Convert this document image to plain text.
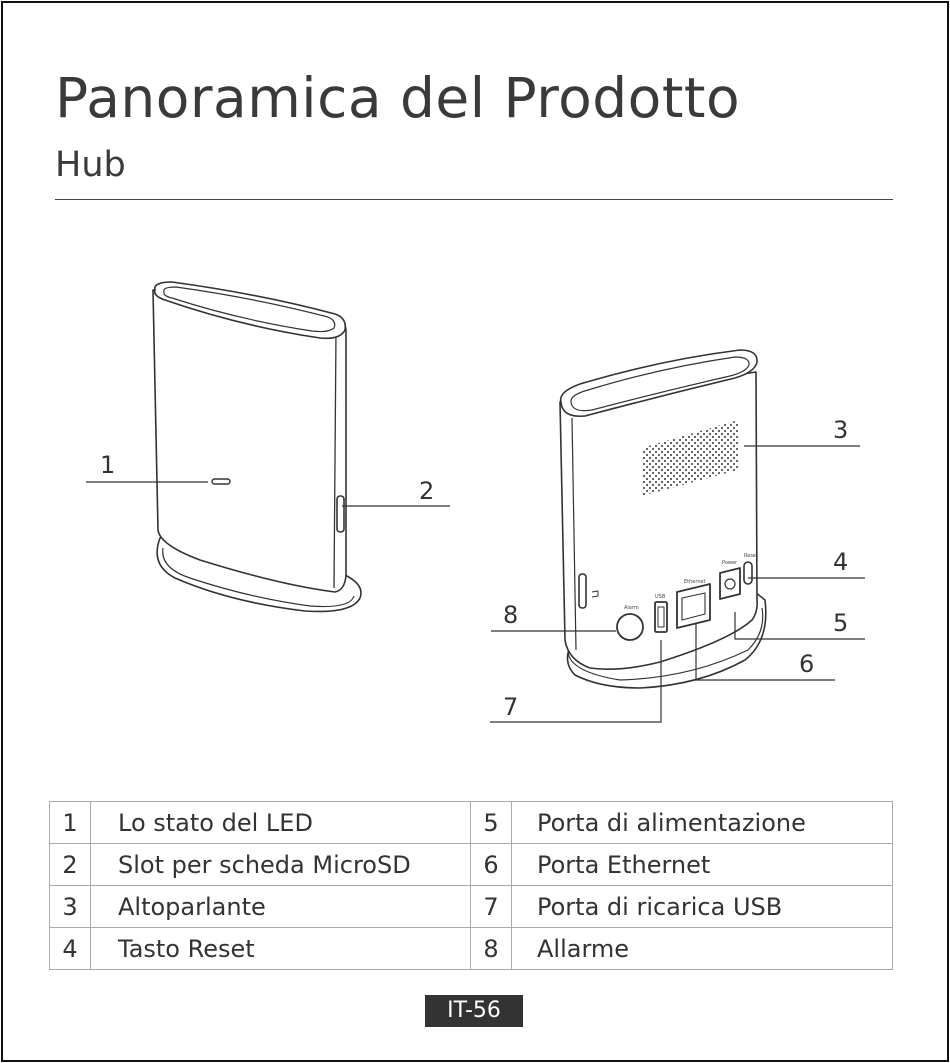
Panoramica del Prodotto
Hub
Alarm
USB
Ethernet
Power
Reset
1
2
3
4
5
6
7
8
1	Lo stato del LED	5	Porta di alimentazione
2	Slot per scheda MicroSD	6	Porta Ethernet
3	Altoparlante	7	Porta di ricarica USB
4	Tasto Reset	8	Allarme
IT-56
